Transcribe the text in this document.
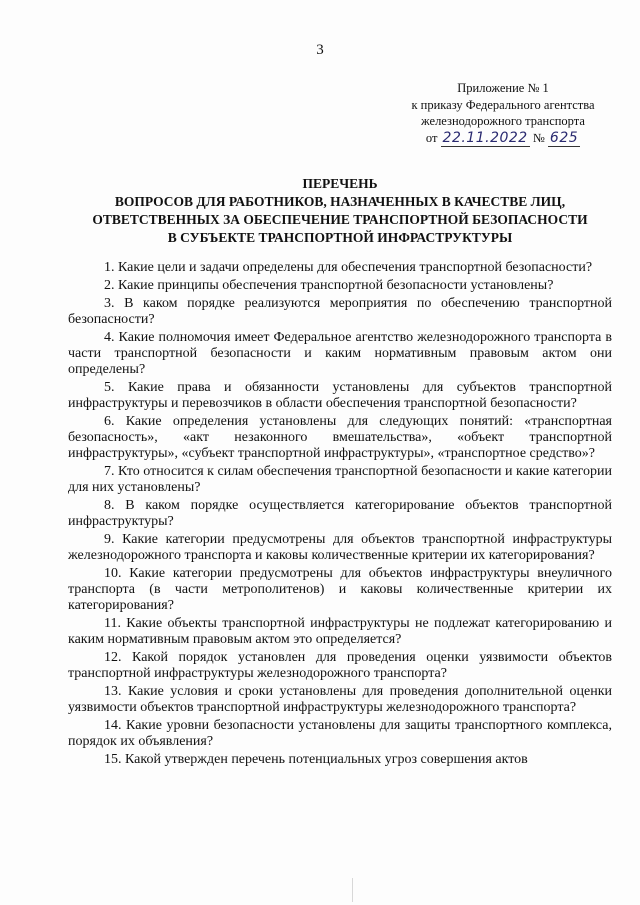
3
Приложение № 1
к приказу Федерального агентства
железнодорожного транспорта
от 22.11.2022 № 625
ПЕРЕЧЕНЬ
ВОПРОСОВ ДЛЯ РАБОТНИКОВ, НАЗНАЧЕННЫХ В КАЧЕСТВЕ ЛИЦ,
ОТВЕТСТВЕННЫХ ЗА ОБЕСПЕЧЕНИЕ ТРАНСПОРТНОЙ БЕЗОПАСНОСТИ
В СУБЪЕКТЕ ТРАНСПОРТНОЙ ИНФРАСТРУКТУРЫ

1. Какие цели и задачи определены для обеспечения транспортной безопасности?

2. Какие принципы обеспечения транспортной безопасности установлены?

3. В каком порядке реализуются мероприятия по обеспечению транспортной безопасности?

4. Какие полномочия имеет Федеральное агентство железнодорожного транспорта в части транспортной безопасности и каким нормативным правовым актом они определены?

5. Какие права и обязанности установлены для субъектов транспортной инфраструктуры и перевозчиков в области обеспечения транспортной безопасности?

6. Какие определения установлены для следующих понятий: «транспортная безопасность», «акт незаконного вмешательства», «объект транспортной инфраструктуры», «субъект транспортной инфраструктуры», «транспортное средство»?

7. Кто относится к силам обеспечения транспортной безопасности и какие категории для них установлены?

8. В каком порядке осуществляется категорирование объектов транспортной инфраструктуры?

9. Какие категории предусмотрены для объектов транспортной инфраструктуры железнодорожного транспорта и каковы количественные критерии их категорирования?

10. Какие категории предусмотрены для объектов инфраструктуры внеуличного транспорта (в части метрополитенов) и каковы количественные критерии их категорирования?

11. Какие объекты транспортной инфраструктуры не подлежат категорированию и каким нормативным правовым актом это определяется?

12. Какой порядок установлен для проведения оценки уязвимости объектов транспортной инфраструктуры железнодорожного транспорта?

13. Какие условия и сроки установлены для проведения дополнительной оценки уязвимости объектов транспортной инфраструктуры железнодорожного транспорта?

14. Какие уровни безопасности установлены для защиты транспортного комплекса, порядок их объявления?

15. Какой утвержден перечень потенциальных угроз совершения актов
